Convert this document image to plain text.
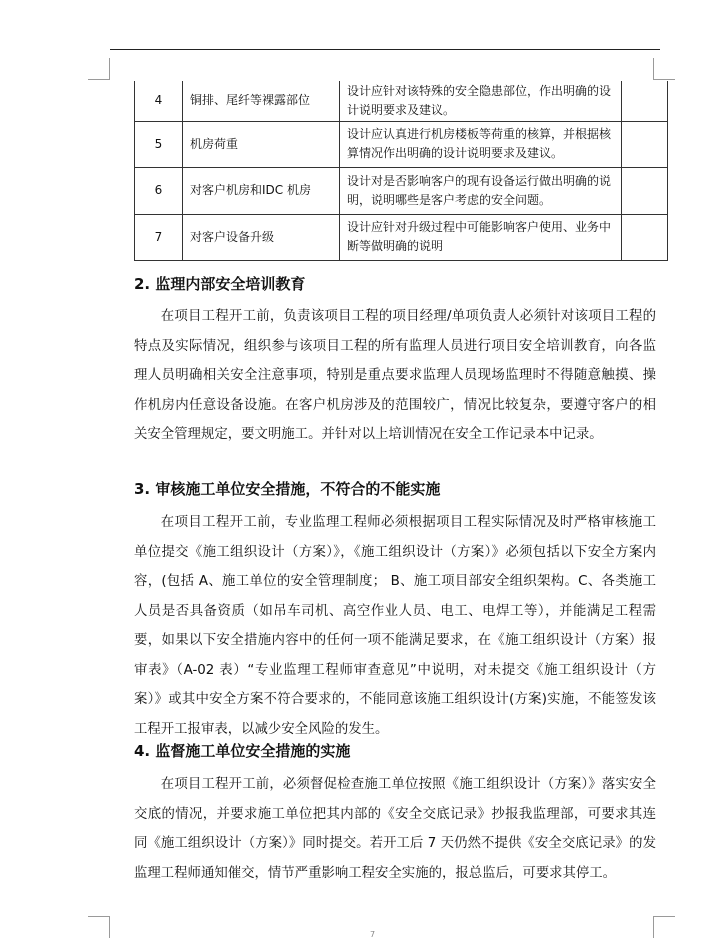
4	铜排、尾纤等裸露部位	设计应针对该特殊的安全隐患部位，作出明确的设计说明要求及建议。	
5	机房荷重	设计应认真进行机房楼板等荷重的核算，并根据核算情况作出明确的设计说明要求及建议。	
6	对客户机房和IDC 机房	设计对是否影响客户的现有设备运行做出明确的说明，说明哪些是客户考虑的安全问题。	
7	对客户设备升级	设计应针对升级过程中可能影响客户使用、业务中断等做明确的说明	
2. 监理内部安全培训教育

在项目工程开工前，负责该项目工程的项目经理/单项负责人必须针对该项目工程的特点及实际情况，组织参与该项目工程的所有监理人员进行项目安全培训教育，向各监理人员明确相关安全注意事项，特别是重点要求监理人员现场监理时不得随意触摸、操作机房内任意设备设施。在客户机房涉及的范围较广，情况比较复杂，要遵守客户的相关安全管理规定，要文明施工。并针对以上培训情况在安全工作记录本中记录。

3. 审核施工单位安全措施，不符合的不能实施

在项目工程开工前，专业监理工程师必须根据项目工程实际情况及时严格审核施工单位提交《施工组织设计（方案）》，《施工组织设计（方案）》必须包括以下安全方案内容，(包括 A、施工单位的安全管理制度； B、施工项目部安全组织架构。C、各类施工人员是否具备资质（如吊车司机、高空作业人员、电工、电焊工等），并能满足工程需要，如果以下安全措施内容中的任何一项不能满足要求，在《施工组织设计（方案）报审表》（A-02 表）“专业监理工程师审查意见”中说明，对未提交《施工组织设计（方案）》或其中安全方案不符合要求的，不能同意该施工组织设计(方案)实施，不能签发该工程开工报审表，以减少安全风险的发生。

4. 监督施工单位安全措施的实施

在项目工程开工前，必须督促检查施工单位按照《施工组织设计（方案）》落实安全交底的情况，并要求施工单位把其内部的《安全交底记录》抄报我监理部，可要求其连同《施工组织设计（方案）》同时提交。若开工后 7 天仍然不提供《安全交底记录》的发监理工程师通知催交，情节严重影响工程安全实施的，报总监后，可要求其停工。

7
